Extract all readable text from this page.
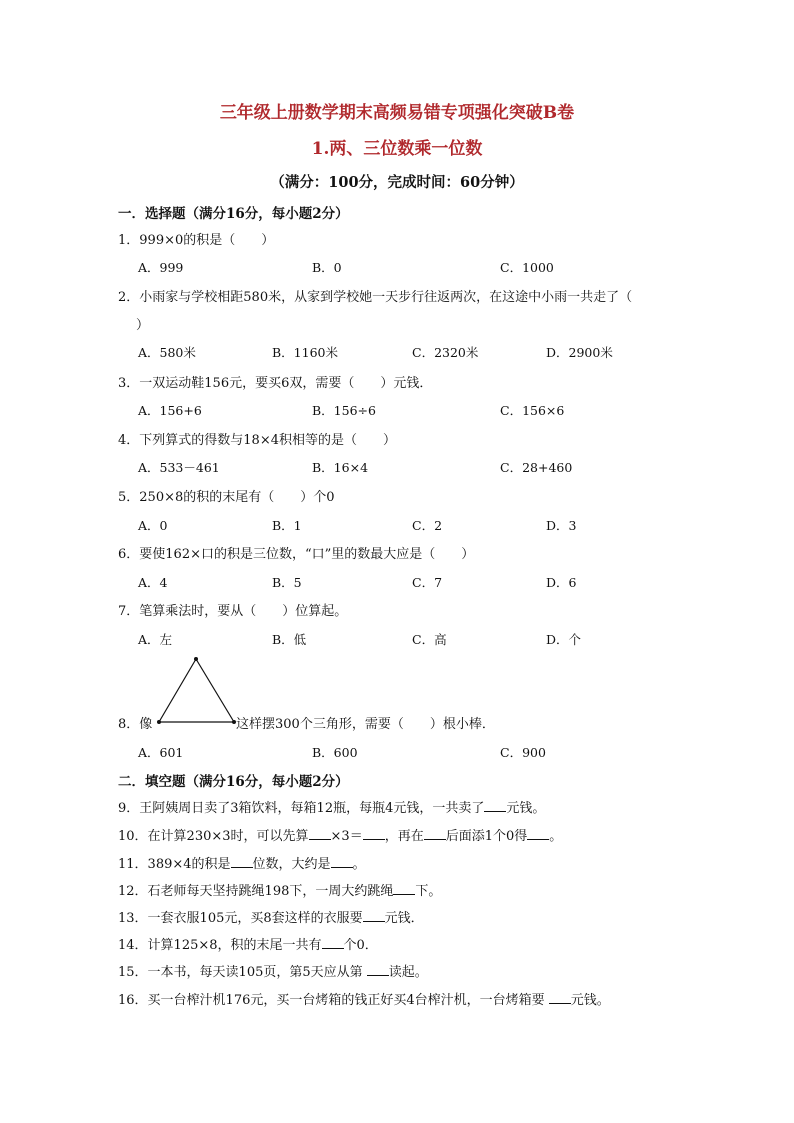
三年级上册数学期末高频易错专项强化突破B卷
1.两、三位数乘一位数
（满分：100分，完成时间：60分钟）
一．选择题（满分16分，每小题2分）
1．999×0的积是（　　）
A．999	B．0	C．1000
2．小雨家与学校相距580米，从家到学校她一天步行往返两次，在这途中小雨一共走了（
）
A．580米	B．1160米	C．2320米	D．2900米
3．一双运动鞋156元，要买6双，需要（　　）元钱．
A．156+6	B．156÷6	C．156×6
4．下列算式的得数与18×4积相等的是（　　）
A．533－461	B．16×4	C．28+460
5．250×8的积的末尾有（　　）个0
A．0	B．1	C．2	D．3
6．要使162×口的积是三位数，“口”里的数最大应是（　　）
A．4	B．5	C．7	D．6
7．笔算乘法时，要从（　　）位算起。
A．左	B．低	C．高	D．个
8．像	这样摆300个三角形，需要（　　）根小棒．
A．601	B．600	C．900
二．填空题（满分16分，每小题2分）
9．王阿姨周日卖了3箱饮料，每箱12瓶，每瓶4元钱，一共卖了 元钱。
10．在计算230×3时，可以先算 ×3＝ ，再在 后面添1个0得 。
11．389×4的积是 位数，大约是 。
12．石老师每天坚持跳绳198下，一周大约跳绳 下。
13．一套衣服105元，买8套这样的衣服要 元钱．
14．计算125×8，积的末尾一共有 个0．
15．一本书，每天读105页，第5天应从第 读起。
16．买一台榨汁机176元，买一台烤箱的钱正好买4台榨汁机，一台烤箱要 元钱。
